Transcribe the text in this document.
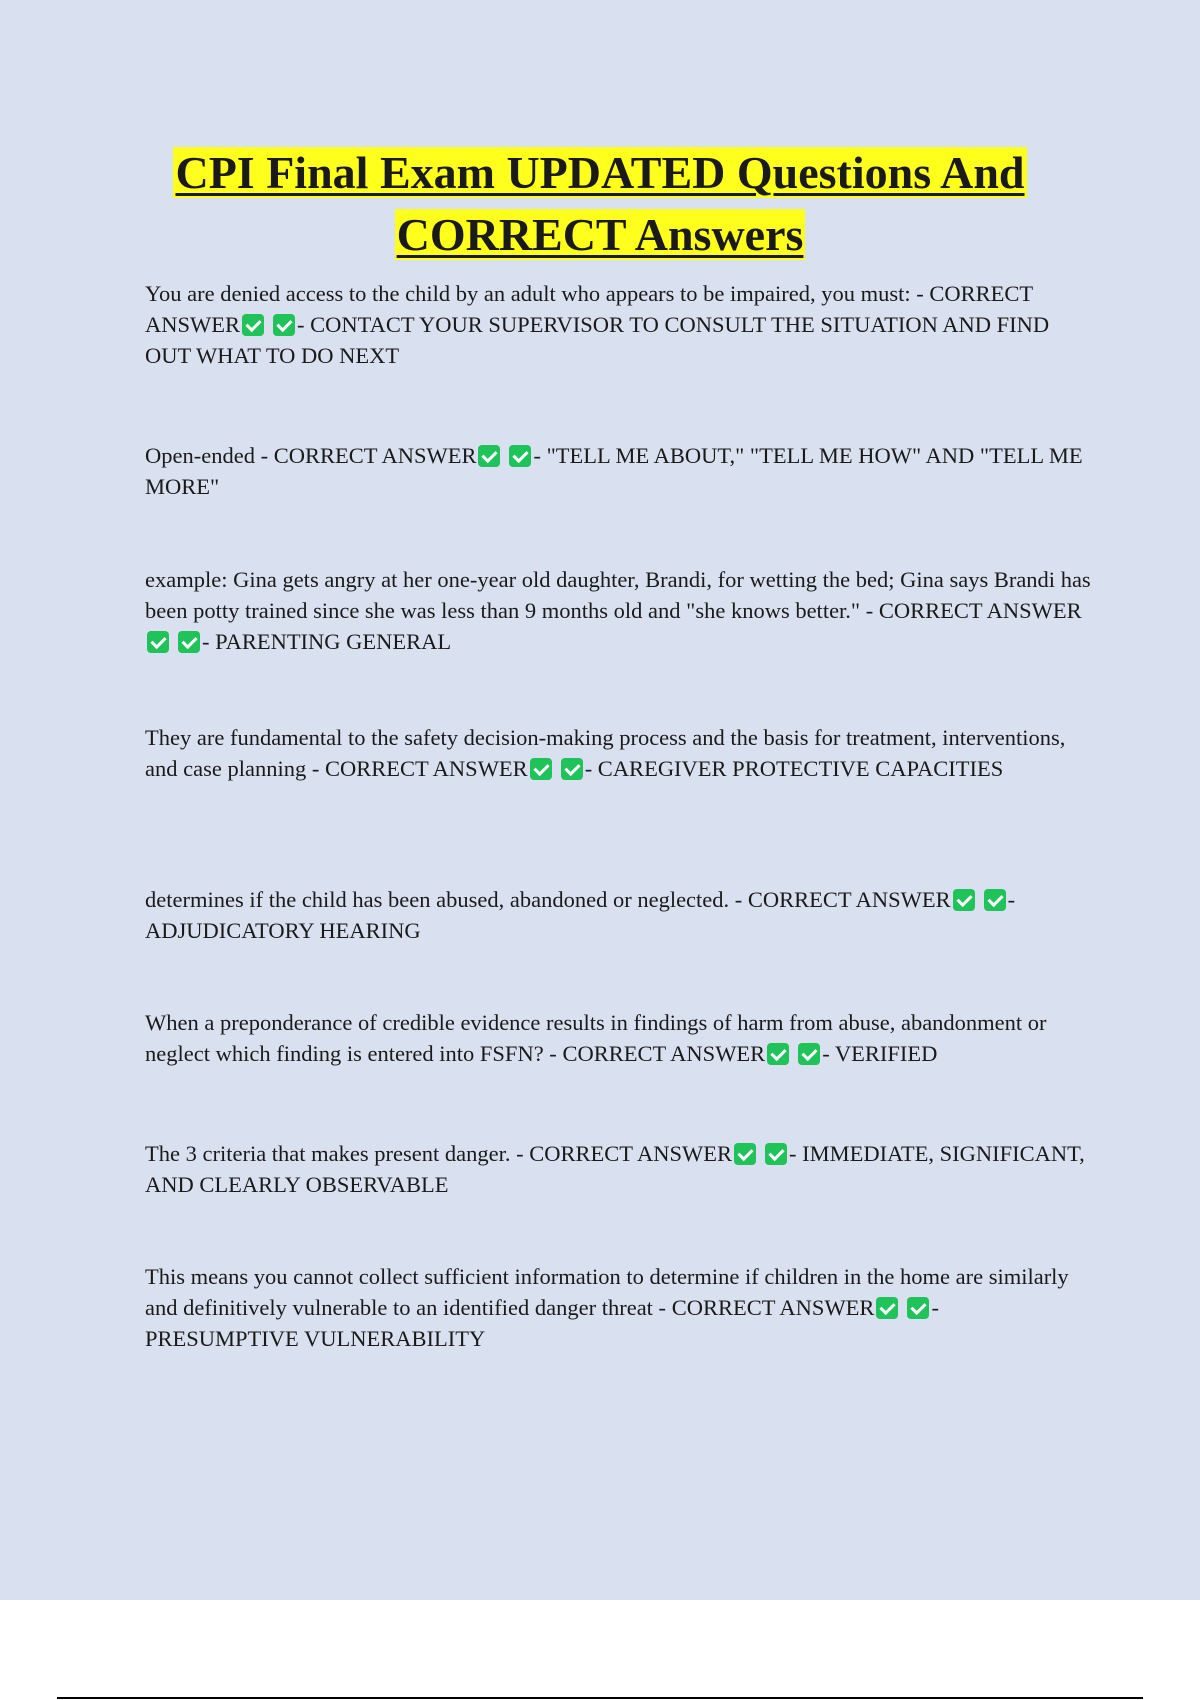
CPI Final Exam UPDATED Questions And
CORRECT Answers

You are denied access to the child by an adult who appears to be impaired, you must: - CORRECT ANSWER	- CONTACT YOUR SUPERVISOR TO CONSULT THE SITUATION AND FIND OUT WHAT TO DO NEXT

Open-ended - CORRECT ANSWER	- "TELL ME ABOUT," "TELL ME HOW" AND "TELL ME MORE"

example: Gina gets angry at her one-year old daughter, Brandi, for wetting the bed; Gina says Brandi has been potty trained since she was less than 9 months old and "she knows better." - CORRECT ANSWER- PARENTING GENERAL

They are fundamental to the safety decision-making process and the basis for treatment, interventions, and case planning - CORRECT ANSWER	- CAREGIVER PROTECTIVE CAPACITIES

determines if the child has been abused, abandoned or neglected. - CORRECT ANSWER	- ADJUDICATORY HEARING

When a preponderance of credible evidence results in findings of harm from abuse, abandonment or neglect which finding is entered into FSFN? - CORRECT ANSWER	- VERIFIED

The 3 criteria that makes present danger. - CORRECT ANSWER	- IMMEDIATE, SIGNIFICANT, AND CLEARLY OBSERVABLE

This means you cannot collect sufficient information to determine if children in the home are similarly and definitively vulnerable to an identified danger threat - CORRECT ANSWER	- PRESUMPTIVE VULNERABILITY
